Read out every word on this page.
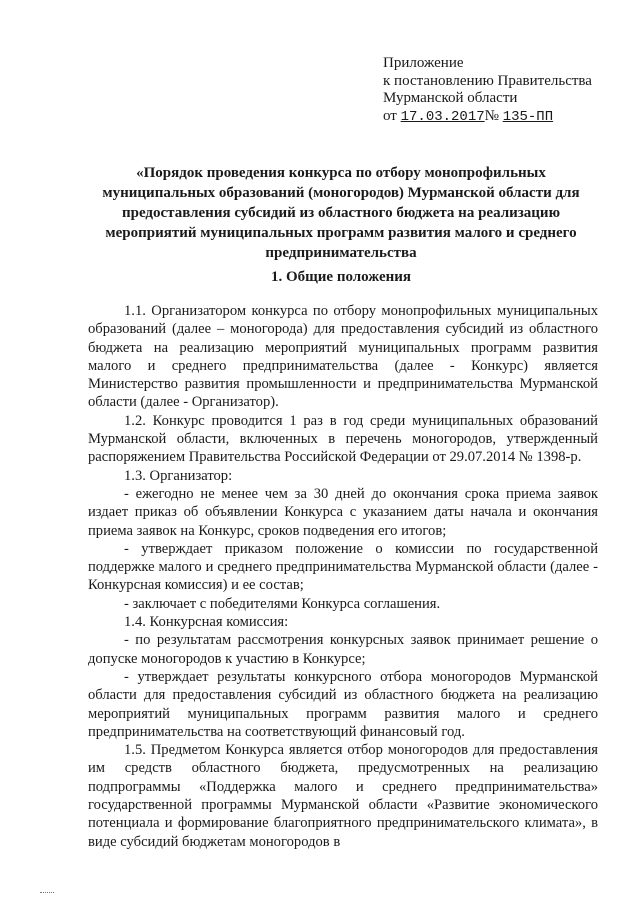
Приложение
к постановлению Правительства
Мурманской области
от 17.03.2017№ 135-ПП
«Порядок проведения конкурса по отбору монопрофильных муниципальных образований (моногородов) Мурманской области для предоставления субсидий из областного бюджета на реализацию мероприятий муниципальных программ развития малого и среднего предпринимательства
1. Общие положения

1.1. Организатором конкурса по отбору монопрофильных муниципальных образований (далее – моногорода) для предоставления субсидий из областного бюджета на реализацию мероприятий муниципальных программ развития малого и среднего предпринимательства (далее - Конкурс) является Министерство развития промышленности и предпринимательства Мурманской области (далее - Организатор).

1.2. Конкурс проводится 1 раз в год среди муниципальных образований Мурманской области, включенных в перечень моногородов, утвержденный распоряжением Правительства Российской Федерации от 29.07.2014 № 1398-р.

1.3. Организатор:

- ежегодно не менее чем за 30 дней до окончания срока приема заявок издает приказ об объявлении Конкурса с указанием даты начала и окончания приема заявок на Конкурс, сроков подведения его итогов;

- утверждает приказом положение о комиссии по государственной поддержке малого и среднего предпринимательства Мурманской области (далее - Конкурсная комиссия) и ее состав;

- заключает с победителями Конкурса соглашения.

1.4. Конкурсная комиссия:

- по результатам рассмотрения конкурсных заявок принимает решение о допуске моногородов к участию в Конкурсе;

- утверждает результаты конкурсного отбора моногородов Мурманской области для предоставления субсидий из областного бюджета на реализацию мероприятий муниципальных программ развития малого и среднего предпринимательства на соответствующий финансовый год.

1.5. Предметом Конкурса является отбор моногородов для предоставления им средств областного бюджета, предусмотренных на реализацию подпрограммы «Поддержка малого и среднего предпринимательства» государственной программы Мурманской области «Развитие экономического потенциала и формирование благоприятного предпринимательского климата», в виде субсидий бюджетам моногородов в
